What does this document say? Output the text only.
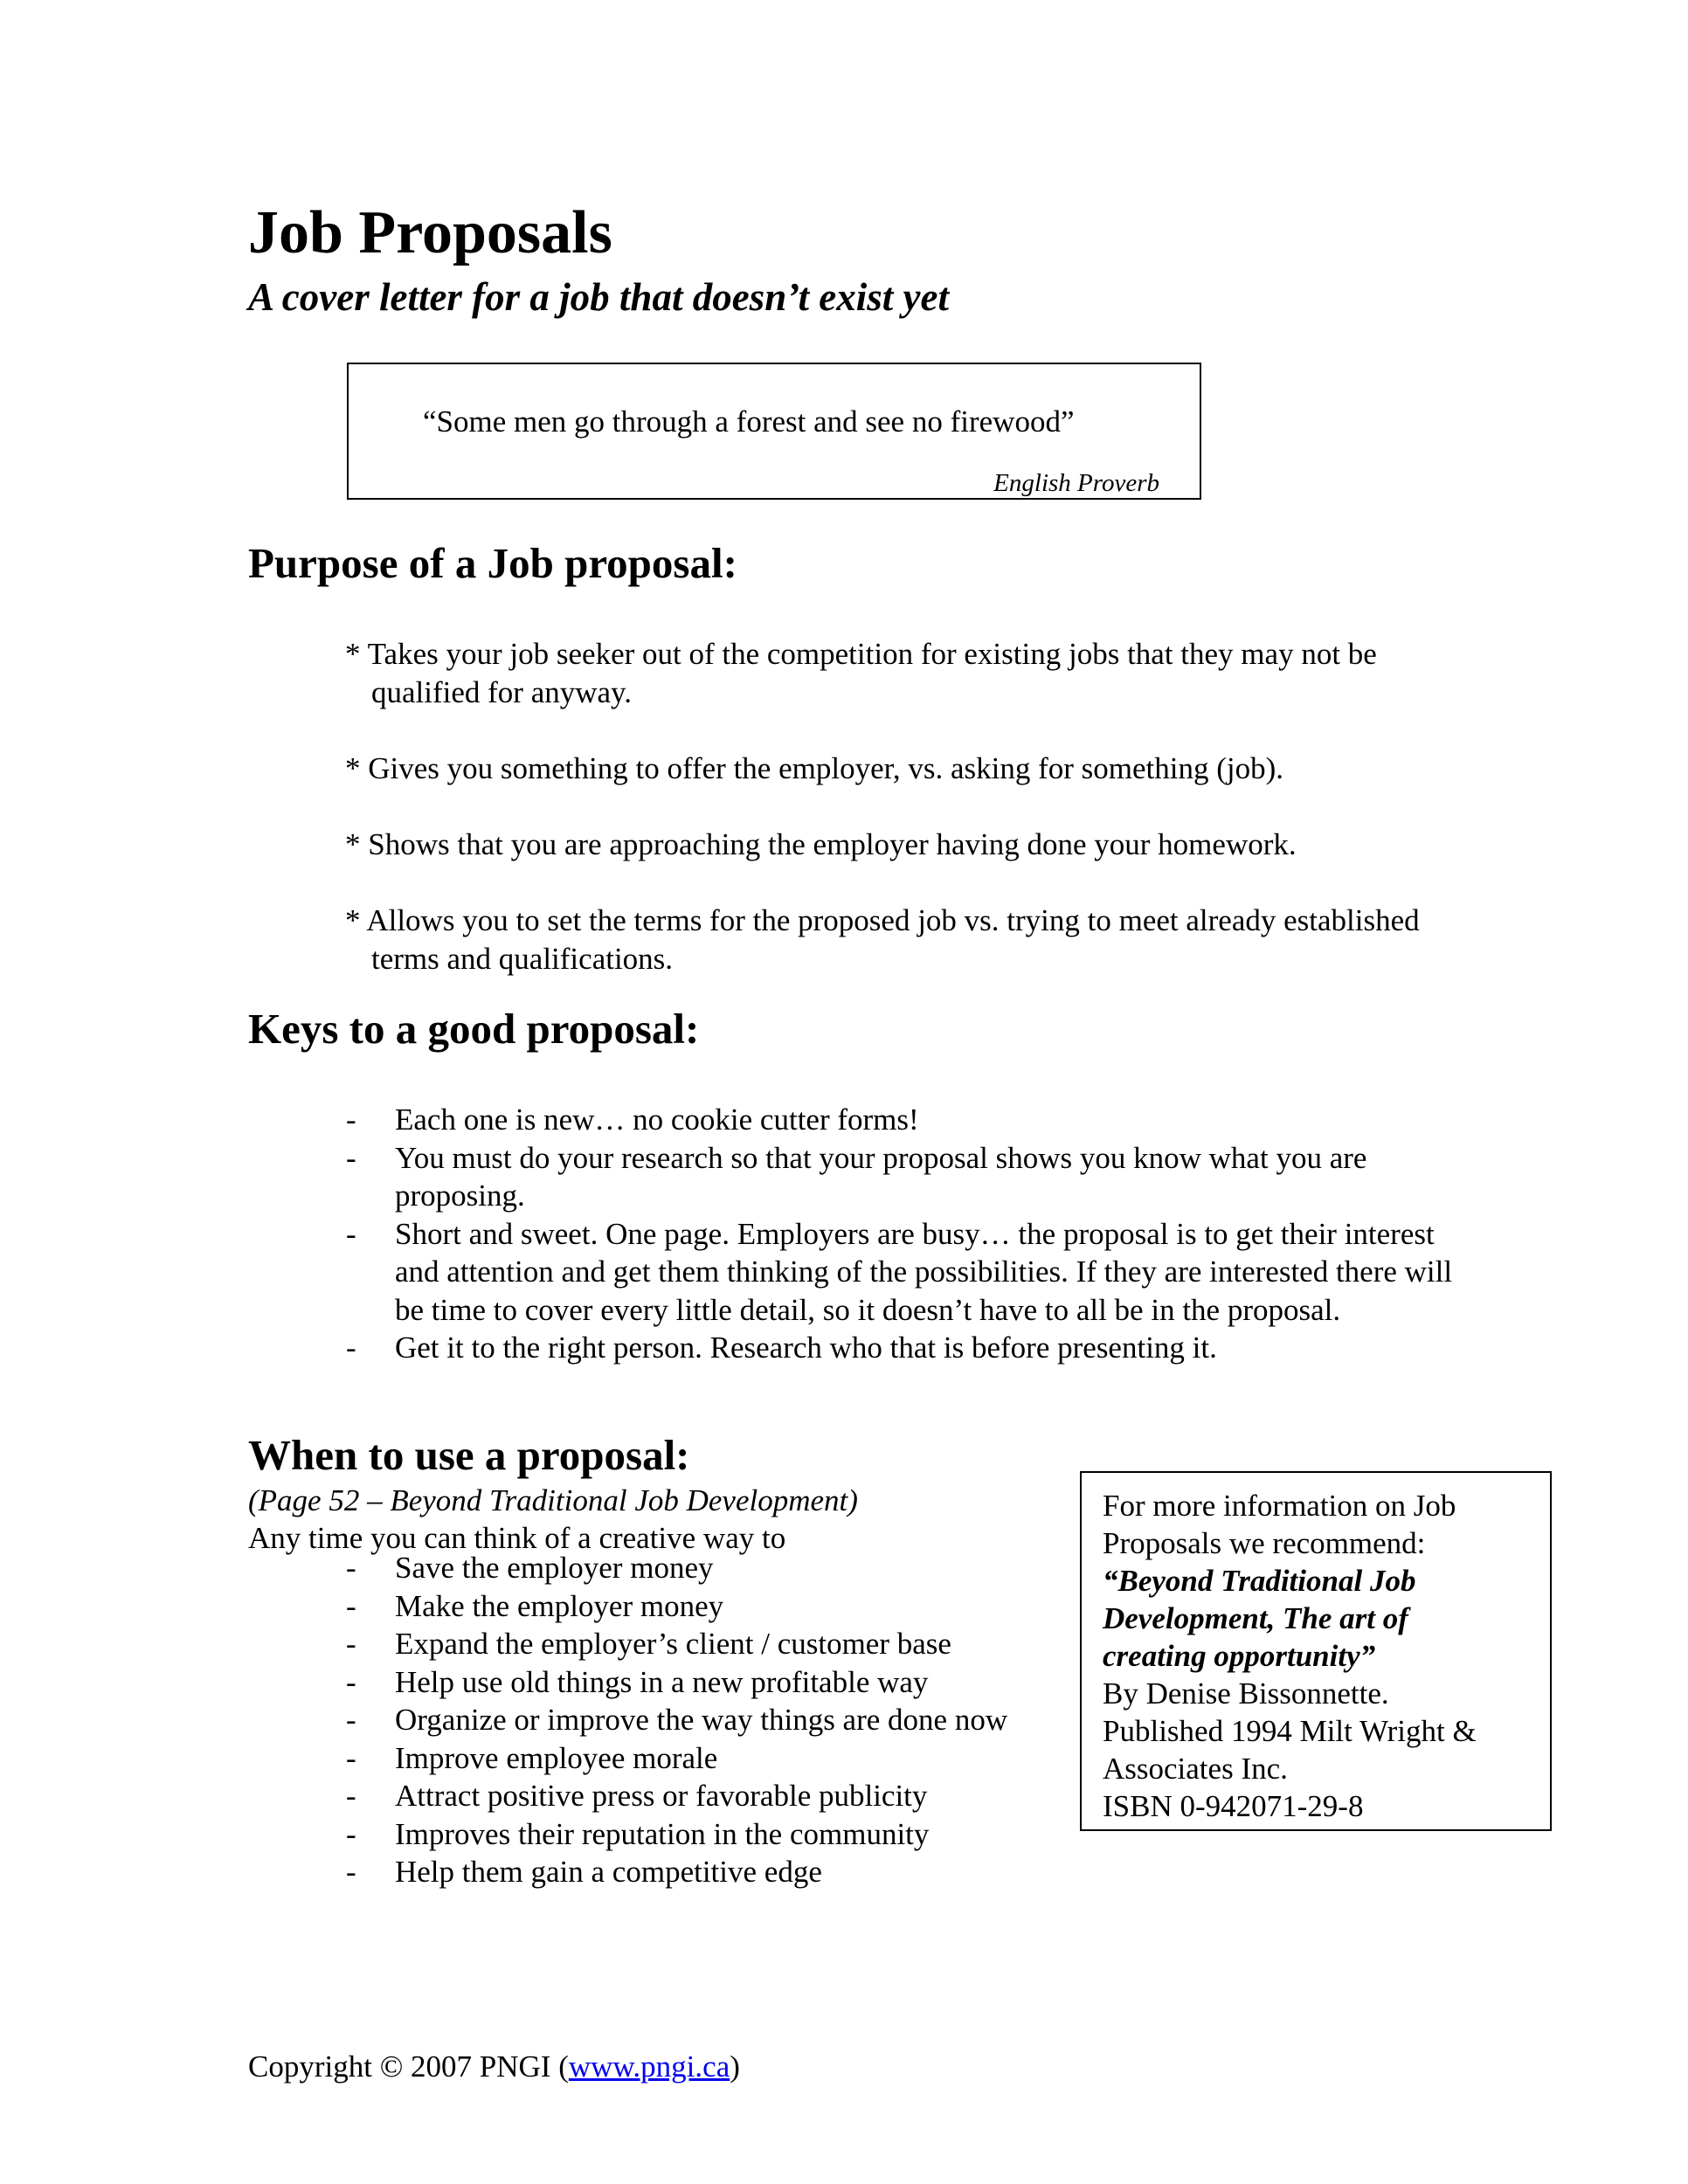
Job Proposals
A cover letter for a job that doesn’t exist yet
“Some men go through a forest and see no firewood”
English Proverb
Purpose of a Job proposal:
* Takes your job seeker out of the competition for existing jobs that they may not be qualified for anyway.
* Gives you something to offer the employer, vs. asking for something (job).
* Shows that you are approaching the employer having done your homework.
* Allows you to set the terms for the proposed job vs. trying to meet already established terms and qualifications.
Keys to a good proposal:
- Each one is new… no cookie cutter forms!
- You must do your research so that your proposal shows you know what you are proposing.
- Short and sweet. One page. Employers are busy… the proposal is to get their interest and attention and get them thinking of the possibilities. If they are interested there will be time to cover every little detail, so it doesn’t have to all be in the proposal.
- Get it to the right person. Research who that is before presenting it.
When to use a proposal:
(Page 52 – Beyond Traditional Job Development)
Any time you can think of a creative way to
- Save the employer money
- Make the employer money
- Expand the employer’s client / customer base
- Help use old things in a new profitable way
- Organize or improve the way things are done now
- Improve employee morale
- Attract positive press or favorable publicity
- Improves their reputation in the community
- Help them gain a competitive edge
For more information on Job
Proposals we recommend:
“Beyond Traditional Job
Development, The art of
creating opportunity”
By Denise Bissonnette.
Published 1994 Milt Wright &
Associates Inc.
ISBN 0-942071-29-8
Copyright © 2007 PNGI (www.pngi.ca)
